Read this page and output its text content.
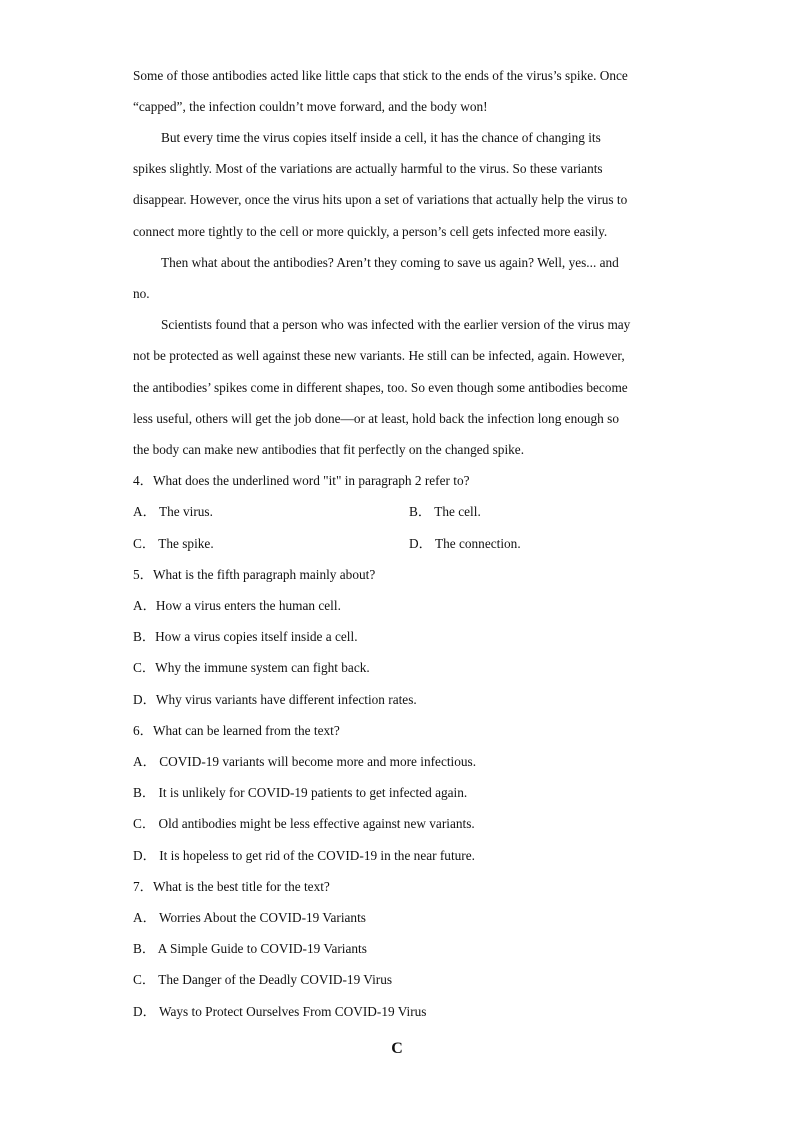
Some of those antibodies acted like little caps that stick to the ends of the virus’s spike. Once
“capped”, the infection couldn’t move forward, and the body won!
But every time the virus copies itself inside a cell, it has the chance of changing its
spikes slightly. Most of the variations are actually harmful to the virus. So these variants
disappear. However, once the virus hits upon a set of variations that actually help the virus to
connect more tightly to the cell or more quickly, a person’s cell gets infected more easily.
Then what about the antibodies? Aren’t they coming to save us again? Well, yes... and
no.
Scientists found that a person who was infected with the earlier version of the virus may
not be protected as well against these new variants. He still can be infected, again. However,
the antibodies’ spikes come in different shapes, too. So even though some antibodies become
less useful, others will get the job done—or at least, hold back the infection long enough so
the body can make new antibodies that fit perfectly on the changed spike.
4．What does the underlined word "it" in paragraph 2 refer to?
A． The virus.	B． The cell.
C． The spike.	D． The connection.
5．What is the fifth paragraph mainly about?
A．How a virus enters the human cell.
B．How a virus copies itself inside a cell.
C．Why the immune system can fight back.
D．Why virus variants have different infection rates.
6．What can be learned from the text?
A． COVID-19 variants will become more and more infectious.
B． It is unlikely for COVID-19 patients to get infected again.
C． Old antibodies might be less effective against new variants.
D． It is hopeless to get rid of the COVID-19 in the near future.
7．What is the best title for the text?
A． Worries About the COVID-19 Variants
B． A Simple Guide to COVID-19 Variants
C． The Danger of the Deadly COVID-19 Virus
D． Ways to Protect Ourselves From COVID-19 Virus
C
